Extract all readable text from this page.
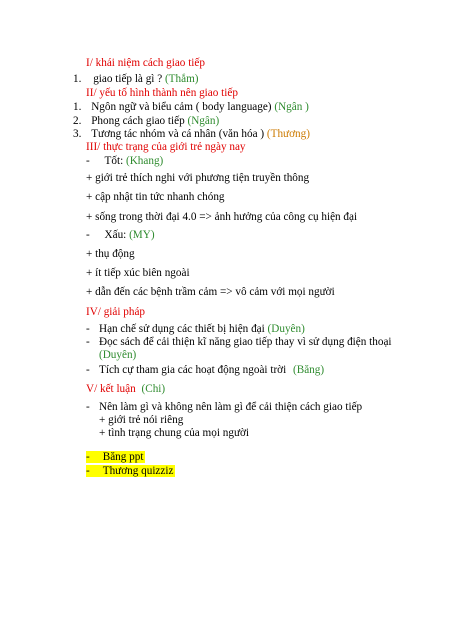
I/ khái niệm cách giao tiếp
1. giao tiếp là gì ? (Thắm)
II/ yếu tố hình thành nên giao tiếp
1. Ngôn ngữ và biểu cảm ( body language) (Ngân )
2. Phong cách giao tiếp (Ngân)
3. Tương tác nhóm và cá nhân (văn hóa ) (Thương)
III/ thực trạng của giới trẻ ngày nay
- Tốt: (Khang)
+ giới trẻ thích nghi với phương tiện truyền thông
+ cập nhật tin tức nhanh chóng
+ sống trong thời đại 4.0 => ảnh hưởng của công cụ hiện đại
- Xấu: (MY)
+ thụ động
+ ít tiếp xúc biên ngoài
+ dẫn đến các bệnh trầm cảm => vô cảm với mọi người
IV/ giải pháp
- Hạn chế sử dụng các thiết bị hiện đại (Duyên)
- Đọc sách để cải thiện kĩ năng giao tiếp thay vì sử dụng điện thoại
(Duyên)
- Tích cự tham gia các hoạt động ngoài trời (Băng)
V/ kết luận (Chi)
- Nên làm gì và không nên làm gì để cải thiện cách giao tiếp
+ giới trẻ nói riêng
+ tình trạng chung của mọi người
- Băng ppt
- Thương quizziz
